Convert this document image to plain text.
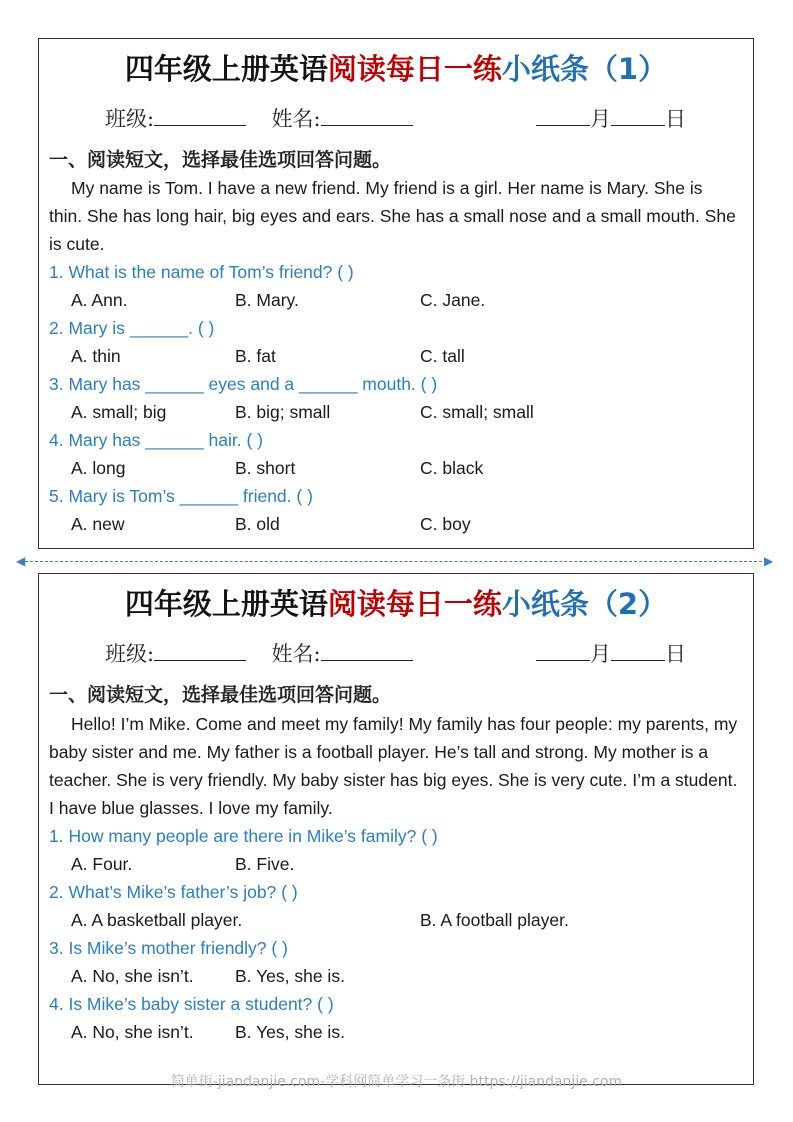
四年级上册英语阅读每日一练小纸条（1）
班级:	姓名:	月	日
一、阅读短文，选择最佳选项回答问题。

My name is Tom. I have a new friend. My friend is a girl. Her name is Mary. She is thin. She has long hair, big eyes and ears. She has a small nose and a small mouth. She is cute.

1. What is the name of Tom’s friend? ( )
A. Ann.	B. Mary.	C. Jane.
2. Mary is ______. ( )
A. thin	B. fat	C. tall
3. Mary has ______ eyes and a ______ mouth. ( )
A. small; big	B. big; small	C. small; small
4. Mary has ______ hair. ( )
A. long	B. short	C. black
5. Mary is Tom’s ______ friend. ( )
A. new	B. old	C. boy
◀	▶
四年级上册英语阅读每日一练小纸条（2）
班级:	姓名:	月	日
一、阅读短文，选择最佳选项回答问题。

Hello! I’m Mike. Come and meet my family! My family has four people: my parents, my baby sister and me. My father is a football player. He’s tall and strong. My mother is a teacher. She is very friendly. My baby sister has big eyes. She is very cute. I’m a student. I have blue glasses. I love my family.

1. How many people are there in Mike’s family? ( )
A. Four.	B. Five.
2. What’s Mike’s father’s job? ( )
A. A basketball player.	B. A football player.
3. Is Mike’s mother friendly? ( )
A. No, she isn’t. B. Yes, she is.
4. Is Mike’s baby sister a student? ( )
A. No, she isn’t. B. Yes, she is.
简单街-jiandanjie.com-学科网简单学习一条街 https://jiandanjie.com
